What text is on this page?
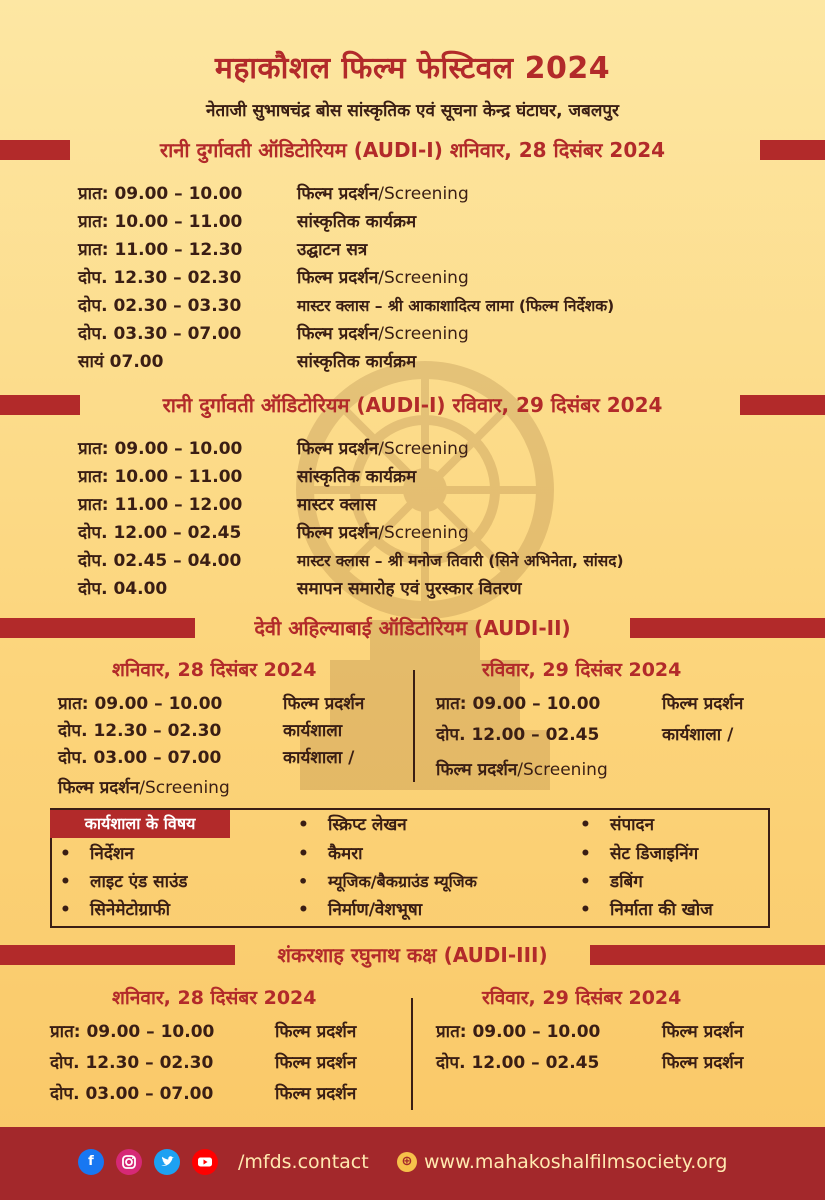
महाकौशल फिल्म फेस्टिवल 2024
नेताजी सुभाषचंद्र बोस सांस्कृतिक एवं सूचना केन्द्र घंटाघर, जबलपुर
रानी दुर्गावती ऑडिटोरियम (AUDI-I) शनिवार, 28 दिसंबर 2024
प्रात: 09.00 – 10.00	फिल्म प्रदर्शन/Screening
प्रात: 10.00 – 11.00	सांस्कृतिक कार्यक्रम
प्रात: 11.00 – 12.30	उद्घाटन सत्र
दोप. 12.30 – 02.30	फिल्म प्रदर्शन/Screening
दोप. 02.30 – 03.30	मास्टर क्लास – श्री आकाशादित्य लामा (फिल्म निर्देशक)
दोप. 03.30 – 07.00	फिल्म प्रदर्शन/Screening
सायं 07.00	सांस्कृतिक कार्यक्रम
रानी दुर्गावती ऑडिटोरियम (AUDI-I) रविवार, 29 दिसंबर 2024
प्रात: 09.00 – 10.00	फिल्म प्रदर्शन/Screening
प्रात: 10.00 – 11.00	सांस्कृतिक कार्यक्रम
प्रात: 11.00 – 12.00	मास्टर क्लास
दोप. 12.00 – 02.45	फिल्म प्रदर्शन/Screening
दोप. 02.45 – 04.00	मास्टर क्लास – श्री मनोज तिवारी (सिने अभिनेता, सांसद)
दोप. 04.00	समापन समारोह एवं पुरस्कार वितरण
देवी अहिल्याबाई ऑडिटोरियम (AUDI-II)
शनिवार, 28 दिसंबर 2024
प्रात: 09.00 – 10.00	फिल्म प्रदर्शन
दोप. 12.30 – 02.30	कार्यशाला
दोप. 03.00 – 07.00	कार्यशाला /
फिल्म प्रदर्शन/Screening
रविवार, 29 दिसंबर 2024
प्रात: 09.00 – 10.00	फिल्म प्रदर्शन
दोप. 12.00 – 02.45	कार्यशाला /
फिल्म प्रदर्शन/Screening
कार्यशाला के विषय
• निर्देशन
• लाइट एंड साउंड
• सिनेमेटोग्राफी
• स्क्रिप्ट लेखन
• कैमरा
• म्यूजिक/बैकग्राउंड म्यूजिक
• निर्माण/वेशभूषा
• संपादन
• सेट डिजाइनिंग
• डबिंग
• निर्माता की खोज
शंकरशाह रघुनाथ कक्ष (AUDI-III)
शनिवार, 28 दिसंबर 2024
प्रात: 09.00 – 10.00	फिल्म प्रदर्शन
दोप. 12.30 – 02.30	फिल्म प्रदर्शन
दोप. 03.00 – 07.00	फिल्म प्रदर्शन
रविवार, 29 दिसंबर 2024
प्रात: 09.00 – 10.00	फिल्म प्रदर्शन
दोप. 12.00 – 02.45	फिल्म प्रदर्शन
f	/mfds.contact	⊕ www.mahakoshalfilmsociety.org
